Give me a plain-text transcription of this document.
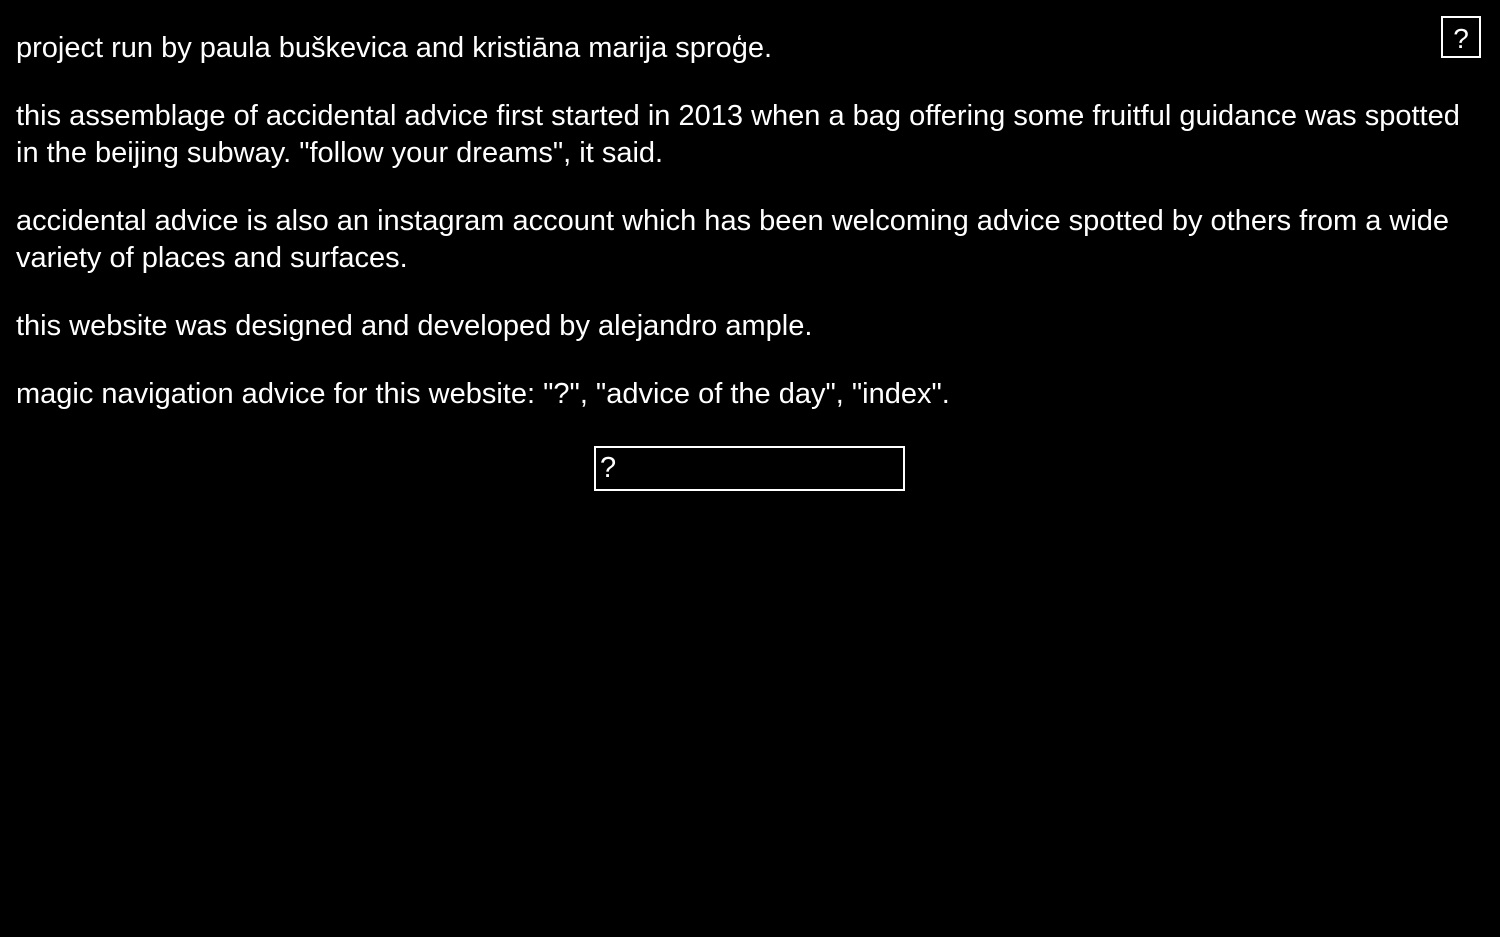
?

project run by paula buškevica and kristiāna marija sproģe.

this assemblage of accidental advice first started in 2013 when a bag offering some fruitful guidance was spotted in the beijing subway. "follow your dreams", it said.

accidental advice is also an instagram account which has been welcoming advice spotted by others from a wide variety of places and surfaces.

this website was designed and developed by alejandro ample.

magic navigation advice for this website: "?", "advice of the day", "index".

?
